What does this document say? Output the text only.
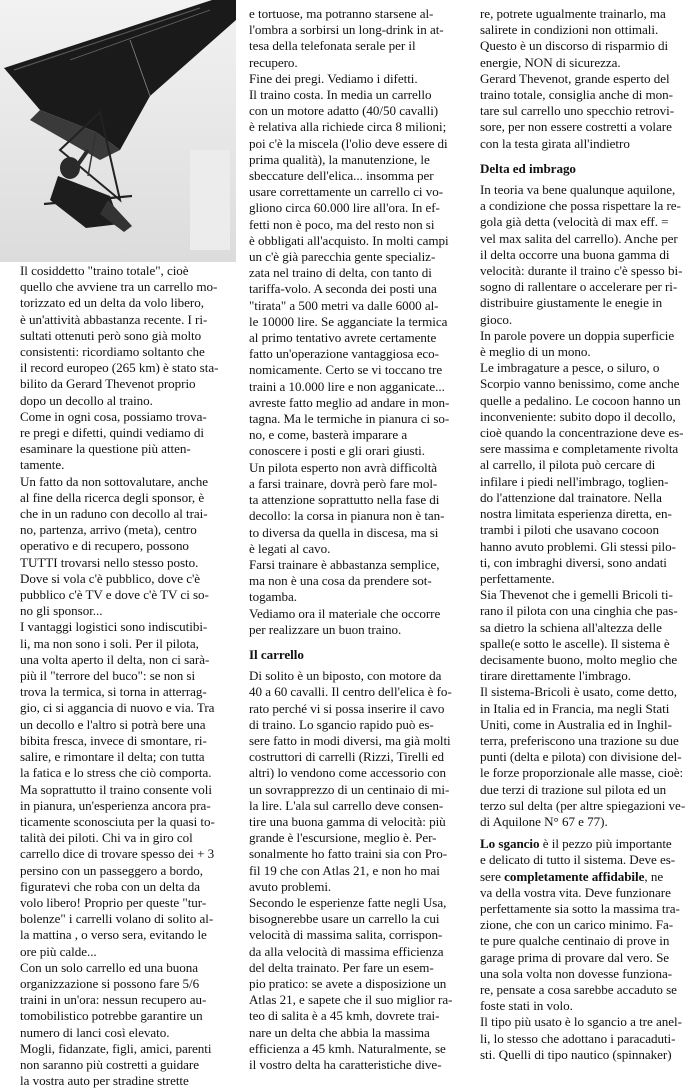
Il cosiddetto "traino totale", cioè
quello che avviene tra un carrello mo-
torizzato ed un delta da volo libero,
è un'attività abbastanza recente. I ri-
sultati ottenuti però sono già molto
consistenti: ricordiamo soltanto che
il record europeo (265 km) è stato sta-
bilito da Gerard Thevenot proprio
dopo un decollo al traino.

Come in ogni cosa, possiamo trova-
re pregi e difetti, quindi vediamo di
esaminare la questione più atten-
tamente.

Un fatto da non sottovalutare, anche
al fine della ricerca degli sponsor, è
che in un raduno con decollo al trai-
no, partenza, arrivo (meta), centro
operativo e di recupero, possono
TUTTI trovarsi nello stesso posto.
Dove si vola c'è pubblico, dove c'è
pubblico c'è TV e dove c'è TV ci so-
no gli sponsor...

I vantaggi logistici sono indiscutibi-
li, ma non sono i soli. Per il pilota,
una volta aperto il delta, non ci sarà-
più il "terrore del buco": se non si
trova la termica, si torna in atterrag-
gio, ci si aggancia di nuovo e via. Tra
un decollo e l'altro si potrà bere una
bibita fresca, invece di smontare, ri-
salire, e rimontare il delta; con tutta
la fatica e lo stress che ciò comporta.

Ma soprattutto il traino consente voli
in pianura, un'esperienza ancora pra-
ticamente sconosciuta per la quasi to-
talità dei piloti. Chi va in giro col
carrello dice di trovare spesso dei + 3
persino con un passeggero a bordo,
figuratevi che roba con un delta da
volo libero! Proprio per queste "tur-
bolenze" i carrelli volano di solito al-
la mattina , o verso sera, evitando le
ore più calde...

Con un solo carrello ed una buona
organizzazione si possono fare 5/6
traini in un'ora: nessun recupero au-
tomobilistico potrebbe garantire un
numero di lanci così elevato.

Mogli, fidanzate, figli, amici, parenti
non saranno più costretti a guidare
la vostra auto per stradine strette

e tortuose, ma potranno starsene al-
l'ombra a sorbirsi un long-drink in at-
tesa della telefonata serale per il
recupero.

Fine dei pregi. Vediamo i difetti.

Il traino costa. In media un carrello
con un motore adatto (40/50 cavalli)
è relativa alla richiede circa 8 milioni;
poi c'è la miscela (l'olio deve essere di
prima qualità), la manutenzione, le
sbeccature dell'elica... insomma per
usare correttamente un carrello ci vo-
gliono circa 60.000 lire all'ora. In ef-
fetti non è poco, ma del resto non si
è obbligati all'acquisto. In molti campi
un c'è già parecchia gente specializ-
zata nel traino di delta, con tanto di
tariffa-volo. A seconda dei posti una
"tirata" a 500 metri va dalle 6000 al-
le 10000 lire. Se agganciate la termica
al primo tentativo avrete certamente
fatto un'operazione vantaggiosa eco-
nomicamente. Certo se vi toccano tre
traini a 10.000 lire e non agganicate...
avreste fatto meglio ad andare in mon-
tagna. Ma le termiche in pianura ci so-
no, e come, basterà imparare a
conoscere i posti e gli orari giusti.

Un pilota esperto non avrà difficoltà
a farsi trainare, dovrà però fare mol-
ta attenzione soprattutto nella fase di
decollo: la corsa in pianura non è tan-
to diversa da quella in discesa, ma si
è legati al cavo.

Farsi trainare è abbastanza semplice,
ma non è una cosa da prendere sot-
togamba.

Vediamo ora il materiale che occorre
per realizzare un buon traino.

Il carrello

Di solito è un biposto, con motore da
40 a 60 cavalli. Il centro dell'elica è fo-
rato perché vi si possa inserire il cavo
di traino. Lo sgancio rapido può es-
sere fatto in modi diversi, ma già molti
costruttori di carrelli (Rizzi, Tirelli ed
altri) lo vendono come accessorio con
un sovrapprezzo di un centinaio di mi-
la lire. L'ala sul carrello deve consen-
tire una buona gamma di velocità: più
grande è l'escursione, meglio è. Per-
sonalmente ho fatto traini sia con Pro-
fil 19 che con Atlas 21, e non ho mai
avuto problemi.

Secondo le esperienze fatte negli Usa,
bisognerebbe usare un carrello la cui
velocità di massima salita, corrispon-
da alla velocità di massima efficienza
del delta trainato. Per fare un esem-
pio pratico: se avete a disposizione un
Atlas 21, e sapete che il suo miglior ra-
teo di salita è a 45 kmh, dovrete trai-
nare un delta che abbia la massima
efficienza a 45 kmh. Naturalmente, se
il vostro delta ha caratteristiche dive-

re, potrete ugualmente trainarlo, ma
salirete in condizioni non ottimali.
Questo è un discorso di risparmio di
energie, NON di sicurezza.

Gerard Thevenot, grande esperto del
traino totale, consiglia anche di mon-
tare sul carrello uno specchio retrovi-
sore, per non essere costretti a volare
con la testa girata all'indietro

Delta ed imbrago

In teoria va bene qualunque aquilone,
a condizione che possa rispettare la re-
gola già detta (velocità di max eff. =
vel max salita del carrello). Anche per
il delta occorre una buona gamma di
velocità: durante il traino c'è spesso bi-
sogno di rallentare o accelerare per ri-
distribuire giustamente le enegie in
gioco.

In parole povere un doppia superficie
è meglio di un mono.

Le imbragature a pesce, o siluro, o
Scorpio vanno benissimo, come anche
quelle a pedalino. Le cocoon hanno un
inconveniente: subito dopo il decollo,
cioè quando la concentrazione deve es-
sere massima e completamente rivolta
al carrello, il pilota può cercare di
infilare i piedi nell'imbrago, toglien-
do l'attenzione dal trainatore. Nella
nostra limitata esperienza diretta, en-
trambi i piloti che usavano cocoon
hanno avuto problemi. Gli stessi pilo-
ti, con imbraghi diversi, sono andati
perfettamente.

Sia Thevenot che i gemelli Bricoli ti-
rano il pilota con una cinghia che pas-
sa dietro la schiena all'altezza delle
spalle(e sotto le ascelle). Il sistema è
decisamente buono, molto meglio che
tirare direttamente l'imbrago.

Il sistema-Bricoli è usato, come detto,
in Italia ed in Francia, ma negli Stati
Uniti, come in Australia ed in Inghil-
terra, preferiscono una trazione su due
punti (delta e pilota) con divisione del-
le forze proporzionale alle masse, cioè:
due terzi di trazione sul pilota ed un
terzo sul delta (per altre spiegazioni ve-
di Aquilone N° 67 e 77).

Lo sgancio è il pezzo più importante
e delicato di tutto il sistema. Deve es-
sere completamente affidabile, ne
va della vostra vita. Deve funzionare
perfettamente sia sotto la massima tra-
zione, che con un carico minimo. Fa-
te pure qualche centinaio di prove in
garage prima di provare dal vero. Se
una sola volta non dovesse funziona-
re, pensate a cosa sarebbe accaduto se
foste stati in volo.

Il tipo più usato è lo sgancio a tre anel-
li, lo stesso che adottano i paracaduti-
sti. Quelli di tipo nautico (spinnaker)
